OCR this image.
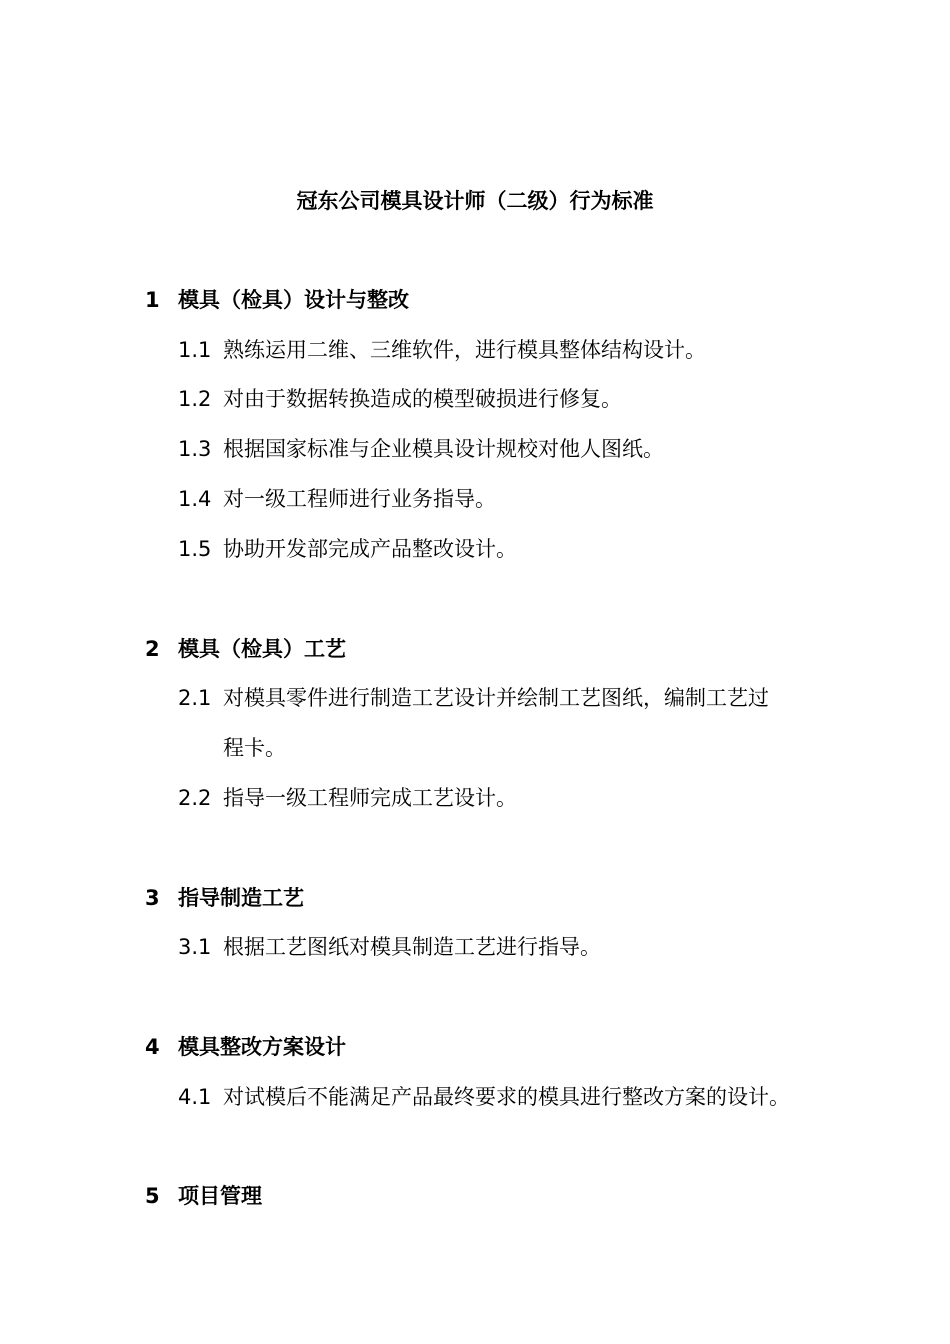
冠东公司模具设计师（二级）行为标准
1 模具（检具）设计与整改
1.1 熟练运用二维、三维软件，进行模具整体结构设计。
1.2 对由于数据转换造成的模型破损进行修复。
1.3 根据国家标准与企业模具设计规校对他人图纸。
1.4 对一级工程师进行业务指导。
1.5 协助开发部完成产品整改设计。
2 模具（检具）工艺
2.1 对模具零件进行制造工艺设计并绘制工艺图纸，编制工艺过
程卡。
2.2 指导一级工程师完成工艺设计。
3 指导制造工艺
3.1 根据工艺图纸对模具制造工艺进行指导。
4 模具整改方案设计
4.1 对试模后不能满足产品最终要求的模具进行整改方案的设计。
5 项目管理
